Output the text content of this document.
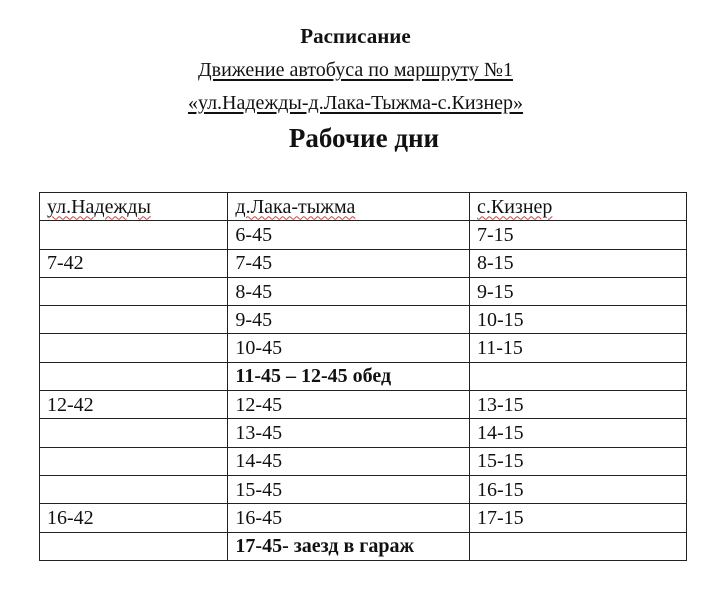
Расписание
Движение автобуса по маршруту №1
«ул.Надежды-д.Лака-Тыжма-с.Кизнер»
Рабочие дни
ул.Надежды	д.Лака-тыжма	с.Кизнер
	6-45	7-15
7-42	7-45	8-15
	8-45	9-15
	9-45	10-15
	10-45	11-15
	11-45 – 12-45 обед	
12-42	12-45	13-15
	13-45	14-15
	14-45	15-15
	15-45	16-15
16-42	16-45	17-15
	17-45- заезд в гараж	
